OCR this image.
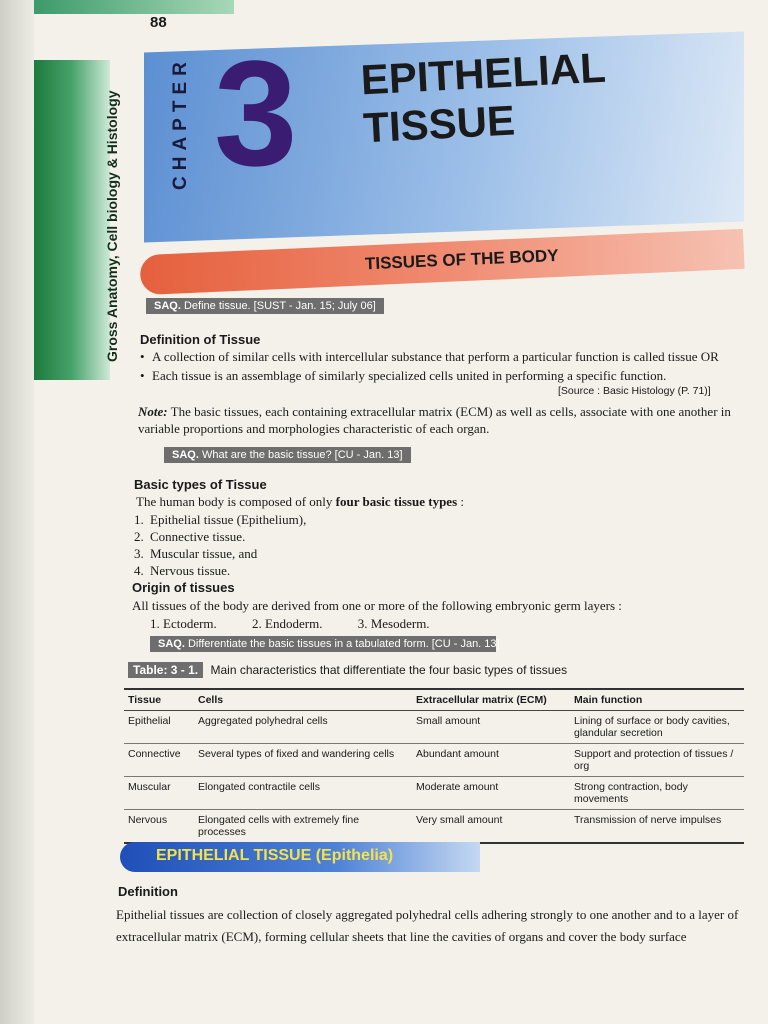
88
Gross Anatomy, Cell biology & Histology	CHAPTER 3 EPITHELIAL
TISSUE
TISSUES OF THE BODY
SAQ. Define tissue. [SUST - Jan. 15; July 06]
Definition of Tissue
• A collection of similar cells with intercellular substance that perform a particular function is called tissue OR
• Each tissue is an assemblage of similarly specialized cells united in performing a specific function.
[Source : Basic Histology (P. 71)]
Note: The basic tissues, each containing extracellular matrix (ECM) as well as cells, associate with one another in
variable proportions and morphologies characteristic of each organ.
SAQ. What are the basic tissue? [CU - Jan. 13]
Basic types of Tissue
The human body is composed of only four basic tissue types :
1. Epithelial tissue (Epithelium),
2. Connective tissue.
3. Muscular tissue, and
4. Nervous tissue.
Origin of tissues
All tissues of the body are derived from one or more of the following embryonic germ layers :
1. Ectoderm.	2. Endoderm.	3. Mesoderm.
SAQ. Differentiate the basic tissues in a tabulated form. [CU - Jan. 13]
Table: 3 - 1. Main characteristics that differentiate the four basic types of tissues
Tissue	Cells	Extracellular matrix (ECM)	Main function
Epithelial	Aggregated polyhedral cells	Small amount	Lining of surface or body cavities, glandular secretion
Connective	Several types of fixed and wandering cells	Abundant amount	Support and protection of tissues / org
Muscular	Elongated contractile cells	Moderate amount	Strong contraction, body movements
Nervous	Elongated cells with extremely fine processes	Very small amount	Transmission of nerve impulses
EPITHELIAL TISSUE (Epithelia)
Definition
Epithelial tissues are collection of closely aggregated polyhedral cells adhering strongly to one another and to a layer of extracellular matrix (ECM), forming cellular sheets that line the cavities of organs and cover the body surface
